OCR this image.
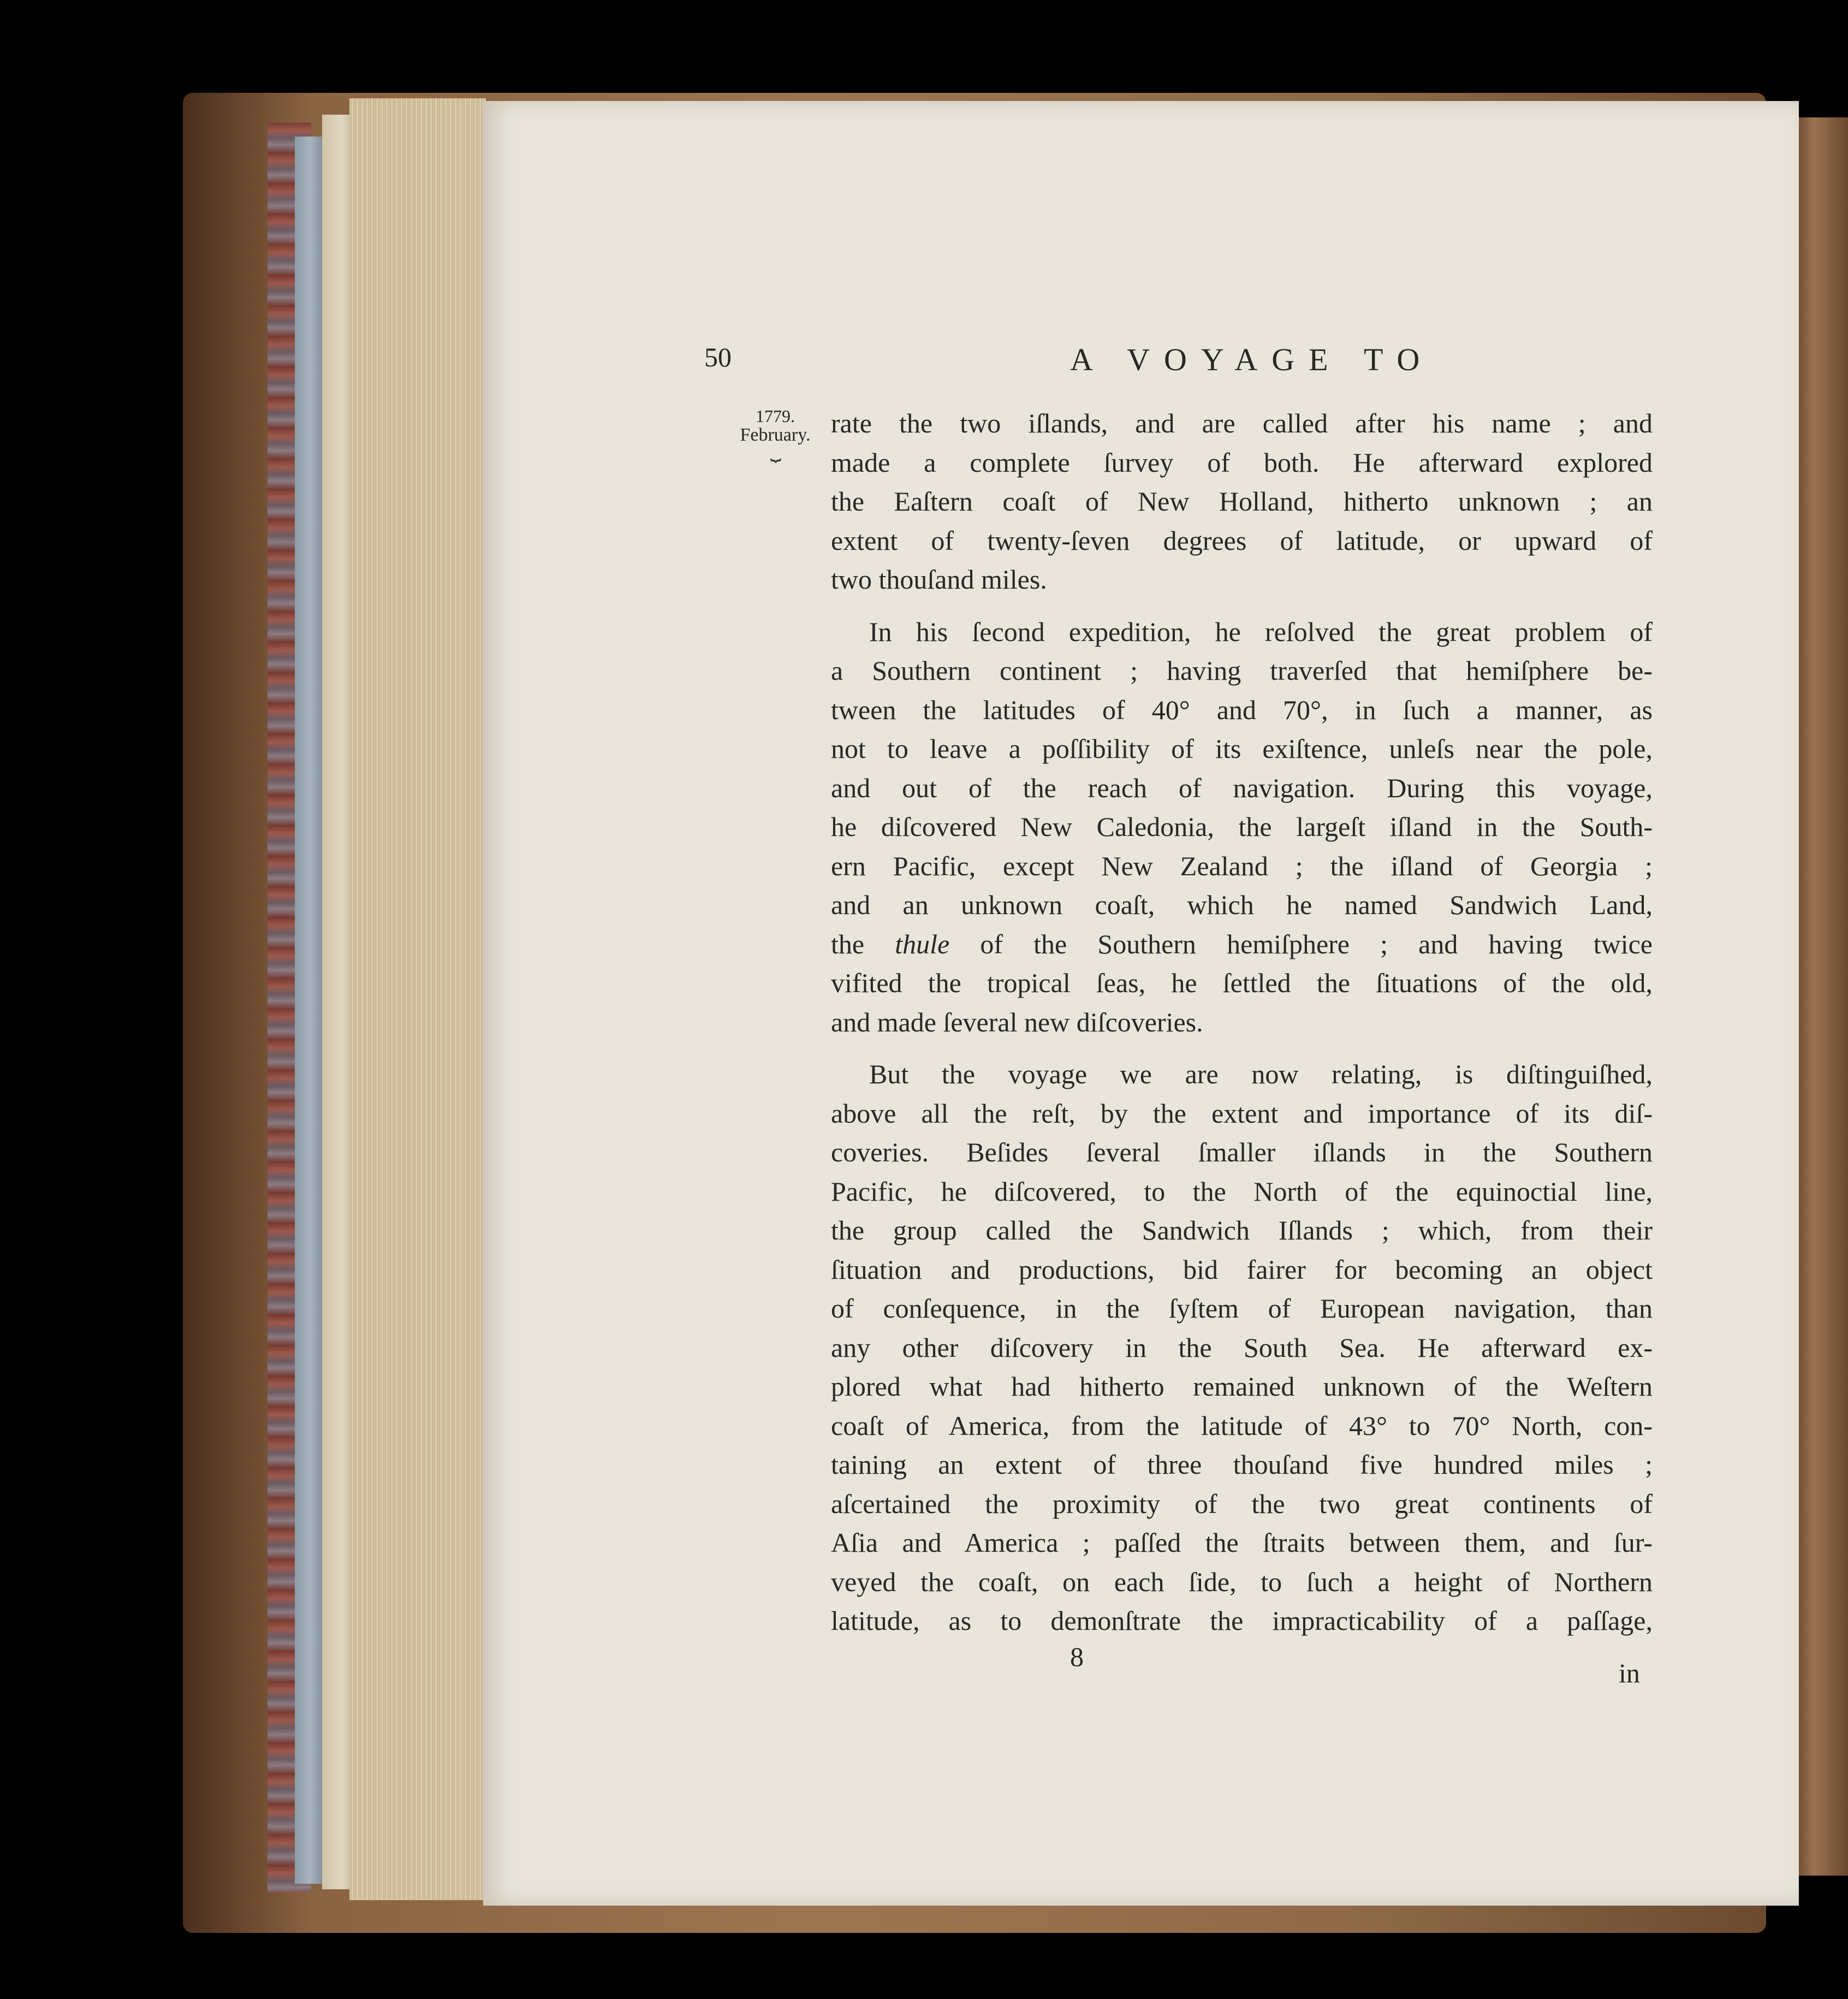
50	A VOYAGE TO
1779.
February.
⏟
rate the two iſlands, and are called after his name ; and
made a complete ſurvey of both. He afterward explored
the Eaſtern coaſt of New Holland, hitherto unknown ; an
extent of twenty-ſeven degrees of latitude, or upward of
two thouſand miles.
In his ſecond expedition, he reſolved the great problem of
a Southern continent ; having traverſed that hemiſphere be-
tween the latitudes of 40° and 70°, in ſuch a manner, as
not to leave a poſſibility of its exiſtence, unleſs near the pole,
and out of the reach of navigation. During this voyage,
he diſcovered New Caledonia, the largeſt iſland in the South-
ern Pacific, except New Zealand ; the iſland of Georgia ;
and an unknown coaſt, which he named Sandwich Land,
the thule of the Southern hemiſphere ; and having twice
vifited the tropical ſeas, he ſettled the ſituations of the old,
and made ſeveral new diſcoveries.
But the voyage we are now relating, is diſtinguiſhed,
above all the reſt, by the extent and importance of its diſ-
coveries. Beſides ſeveral ſmaller iſlands in the Southern
Pacific, he diſcovered, to the North of the equinoctial line,
the group called the Sandwich Iſlands ; which, from their
ſituation and productions, bid fairer for becoming an object
of conſequence, in the ſyſtem of European navigation, than
any other diſcovery in the South Sea. He afterward ex-
plored what had hitherto remained unknown of the Weſtern
coaſt of America, from the latitude of 43° to 70° North, con-
taining an extent of three thouſand five hundred miles ;
aſcertained the proximity of the two great continents of
Aſia and America ; paſſed the ſtraits between them, and ſur-
veyed the coaſt, on each ſide, to ſuch a height of Northern
latitude, as to demonſtrate the impracticability of a paſſage,
8
in
